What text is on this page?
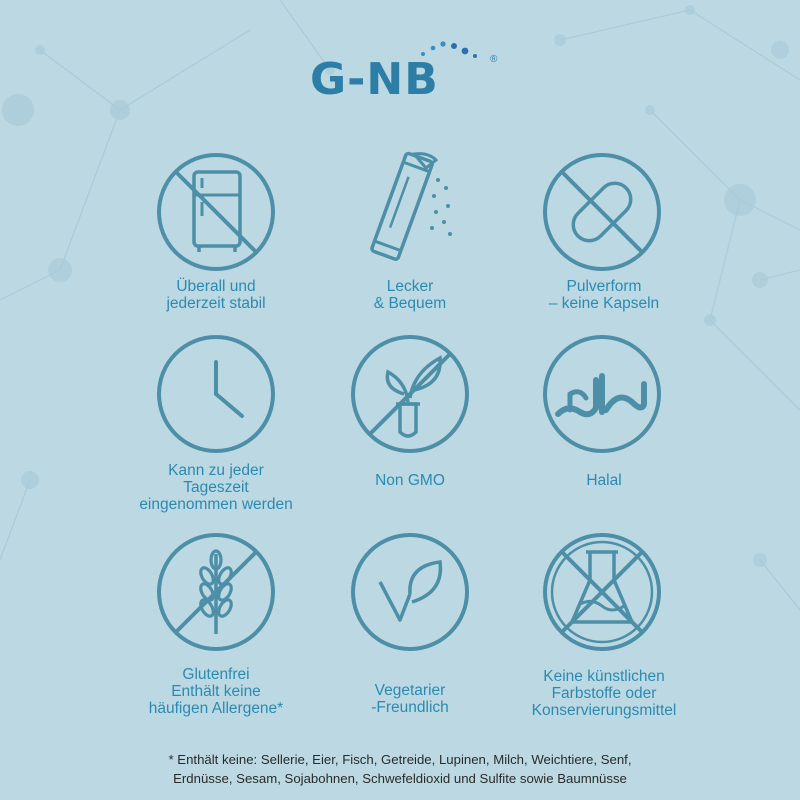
G-NB	®
Überall und
jederzeit stabil
Lecker
& Bequem
Pulverform
– keine Kapseln
Kann zu jeder
Tageszeit
eingenommen werden
Non GMO	Halal
Glutenfrei
Enthält keine
häufigen Allergene*
Vegetarier
-Freundlich
Keine künstlichen
Farbstoffe oder
Konservierungsmittel
* Enthält keine: Sellerie, Eier, Fisch, Getreide, Lupinen, Milch, Weichtiere, Senf,
Erdnüsse, Sesam, Sojabohnen, Schwefeldioxid und Sulfite sowie Baumnüsse
